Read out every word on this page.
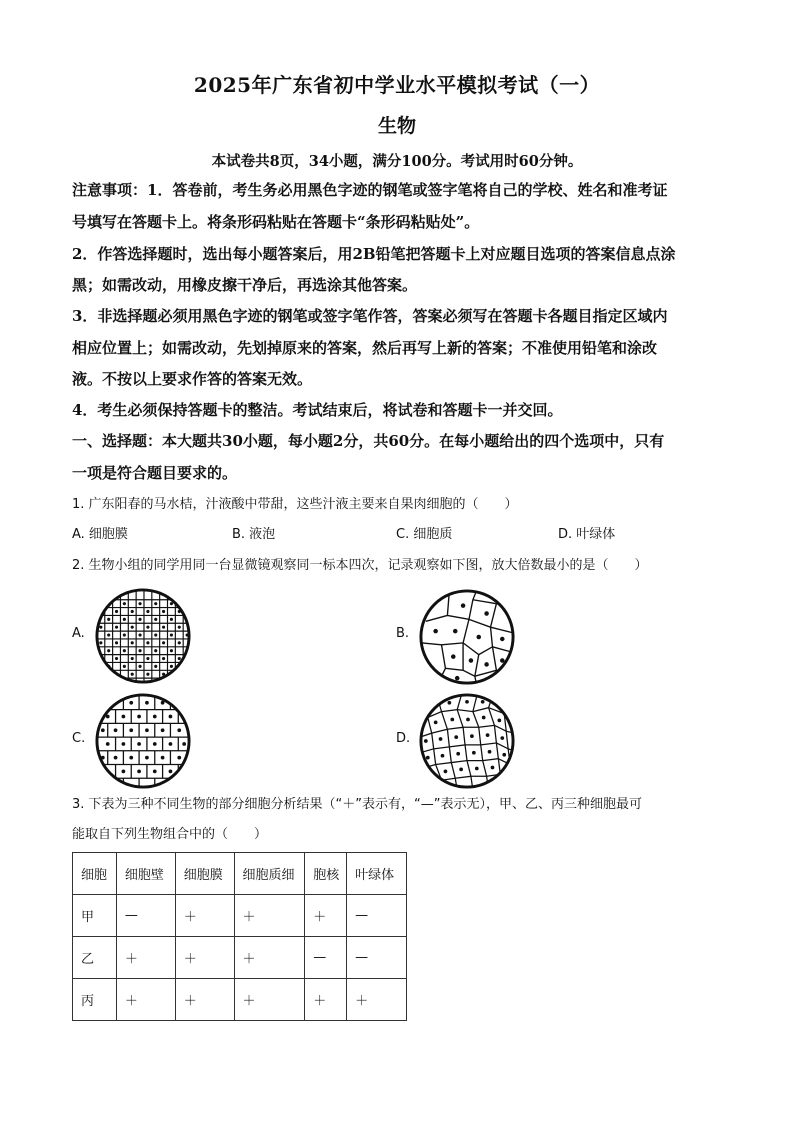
2025年广东省初中学业水平模拟考试（一）
生物
本试卷共8页，34小题，满分100分。考试用时60分钟。
注意事项：1．答卷前，考生务必用黑色字迹的钢笔或签字笔将自己的学校、姓名和准考证
号填写在答题卡上。将条形码粘贴在答题卡“条形码粘贴处”。
2．作答选择题时，选出每小题答案后，用2B铅笔把答题卡上对应题目选项的答案信息点涂
黑；如需改动，用橡皮擦干净后，再选涂其他答案。
3．非选择题必须用黑色字迹的钢笔或签字笔作答，答案必须写在答题卡各题目指定区域内
相应位置上；如需改动，先划掉原来的答案，然后再写上新的答案；不准使用铅笔和涂改
液。不按以上要求作答的答案无效。
4．考生必须保持答题卡的整洁。考试结束后，将试卷和答题卡一并交回。
一、选择题：本大题共30小题，每小题2分，共60分。在每小题给出的四个选项中，只有
一项是符合题目要求的。
1. 广东阳春的马水桔，汁液酸中带甜，这些汁液主要来自果肉细胞的（　　）
A. 细胞膜	B. 液泡	C. 细胞质	D. 叶绿体
2. 生物小组的同学用同一台显微镜观察同一标本四次，记录观察如下图，放大倍数最小的是（　　）
A.	B.
C.	D.
3. 下表为三种不同生物的部分细胞分析结果（“＋”表示有，“—”表示无），甲、乙、丙三种细胞最可
能取自下列生物组合中的（　　）
细胞	细胞壁	细胞膜	细胞质细	胞核	叶绿体
甲	—	＋	＋	＋	—
乙	＋	＋	＋	—	—
丙	＋	＋	＋	＋	＋
